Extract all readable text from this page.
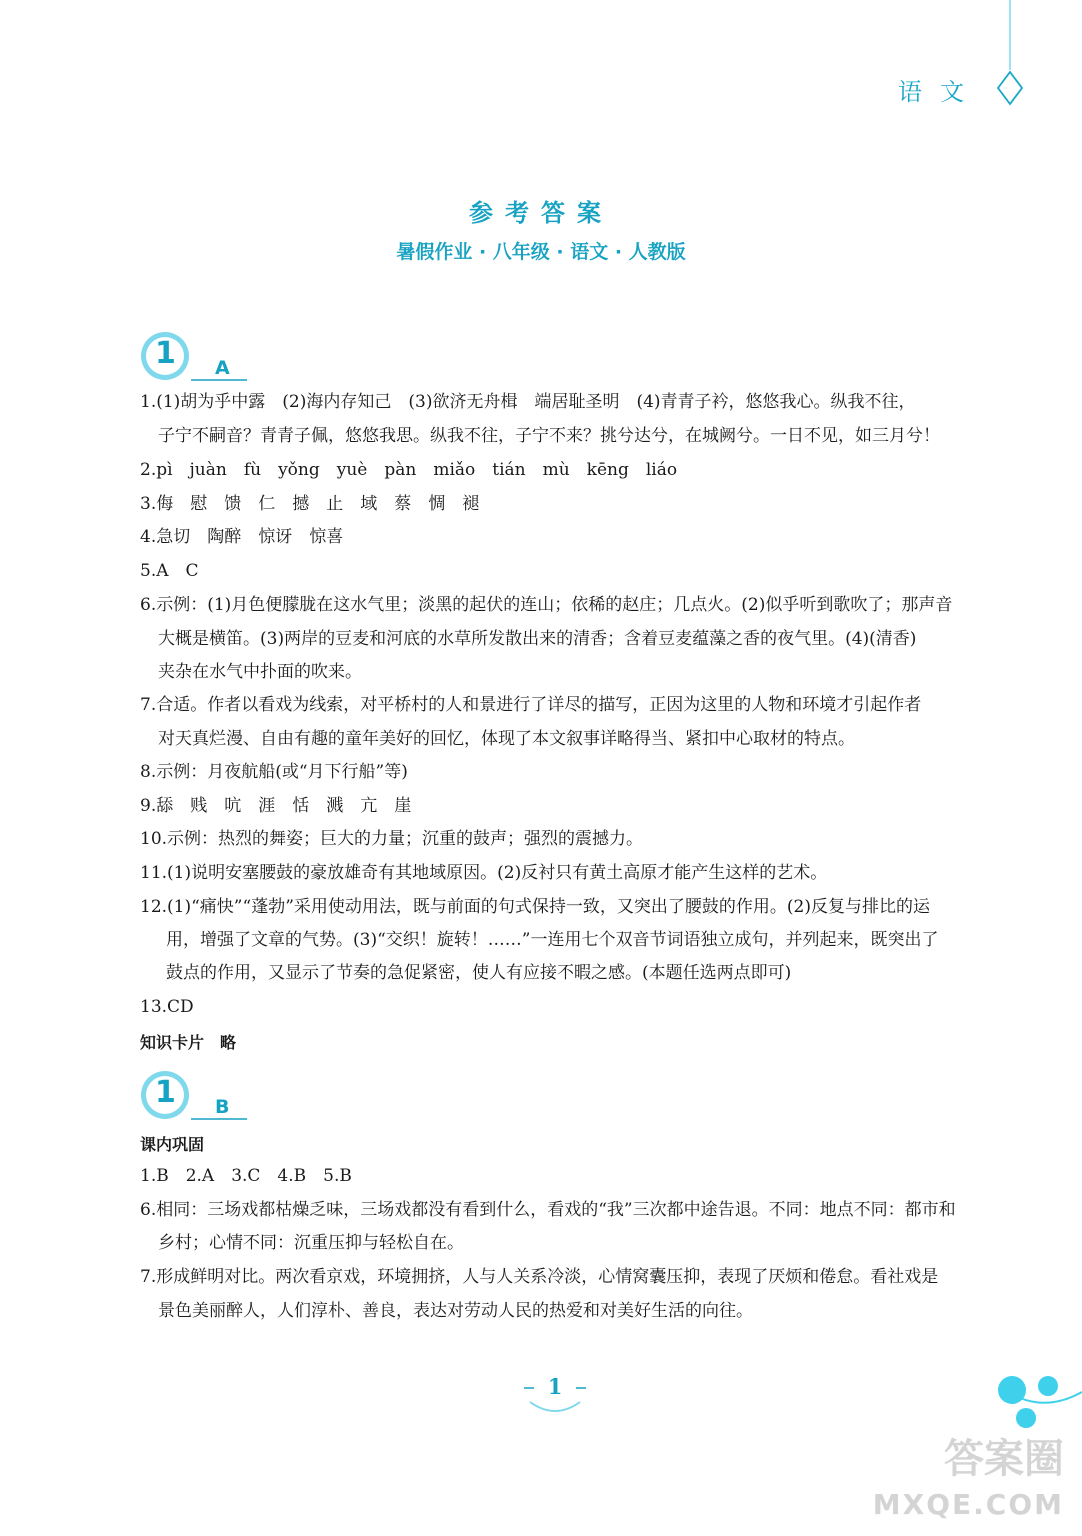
语文
参考答案
暑假作业 · 八年级 · 语文 · 人教版
1 A
1.(1)胡为乎中露　(2)海内存知己　(3)欲济无舟楫　端居耻圣明　(4)青青子衿，悠悠我心。纵我不往，
子宁不嗣音？青青子佩，悠悠我思。纵我不往，子宁不来？挑兮达兮，在城阙兮。一日不见，如三月兮！
2.pì　juàn　fù　yǒng　yuè　pàn　miǎo　tián　mù　kēng　liáo
3.侮　慰　馈　仁　撼　止　域　蔡　惆　褪
4.急切　陶醉　惊讶　惊喜
5.A　C
6.示例：(1)月色便朦胧在这水气里；淡黑的起伏的连山；依稀的赵庄；几点火。(2)似乎听到歌吹了；那声音
大概是横笛。(3)两岸的豆麦和河底的水草所发散出来的清香；含着豆麦蕴藻之香的夜气里。(4)(清香)
夹杂在水气中扑面的吹来。
7.合适。作者以看戏为线索，对平桥村的人和景进行了详尽的描写，正因为这里的人物和环境才引起作者
对天真烂漫、自由有趣的童年美好的回忆，体现了本文叙事详略得当、紧扣中心取材的特点。
8.示例：月夜航船(或“月下行船”等)
9.舔　贱　吭　涯　恬　溅　亢　崖
10.示例：热烈的舞姿；巨大的力量；沉重的鼓声；强烈的震撼力。
11.(1)说明安塞腰鼓的豪放雄奇有其地域原因。(2)反衬只有黄土高原才能产生这样的艺术。
12.(1)“痛快”“蓬勃”采用使动用法，既与前面的句式保持一致，又突出了腰鼓的作用。(2)反复与排比的运
用，增强了文章的气势。(3)“交织！旋转！……”一连用七个双音节词语独立成句，并列起来，既突出了
鼓点的作用，又显示了节奏的急促紧密，使人有应接不暇之感。(本题任选两点即可)
13.CD
知识卡片　略
1 B
课内巩固
1.B　2.A　3.C　4.B　5.B
6.相同：三场戏都枯燥乏味，三场戏都没有看到什么，看戏的“我”三次都中途告退。不同：地点不同：都市和
乡村；心情不同：沉重压抑与轻松自在。
7.形成鲜明对比。两次看京戏，环境拥挤，人与人关系冷淡，心情窝囊压抑，表现了厌烦和倦怠。看社戏是
景色美丽醉人，人们淳朴、善良，表达对劳动人民的热爱和对美好生活的向往。
1
答案圈
MXQE.COM
